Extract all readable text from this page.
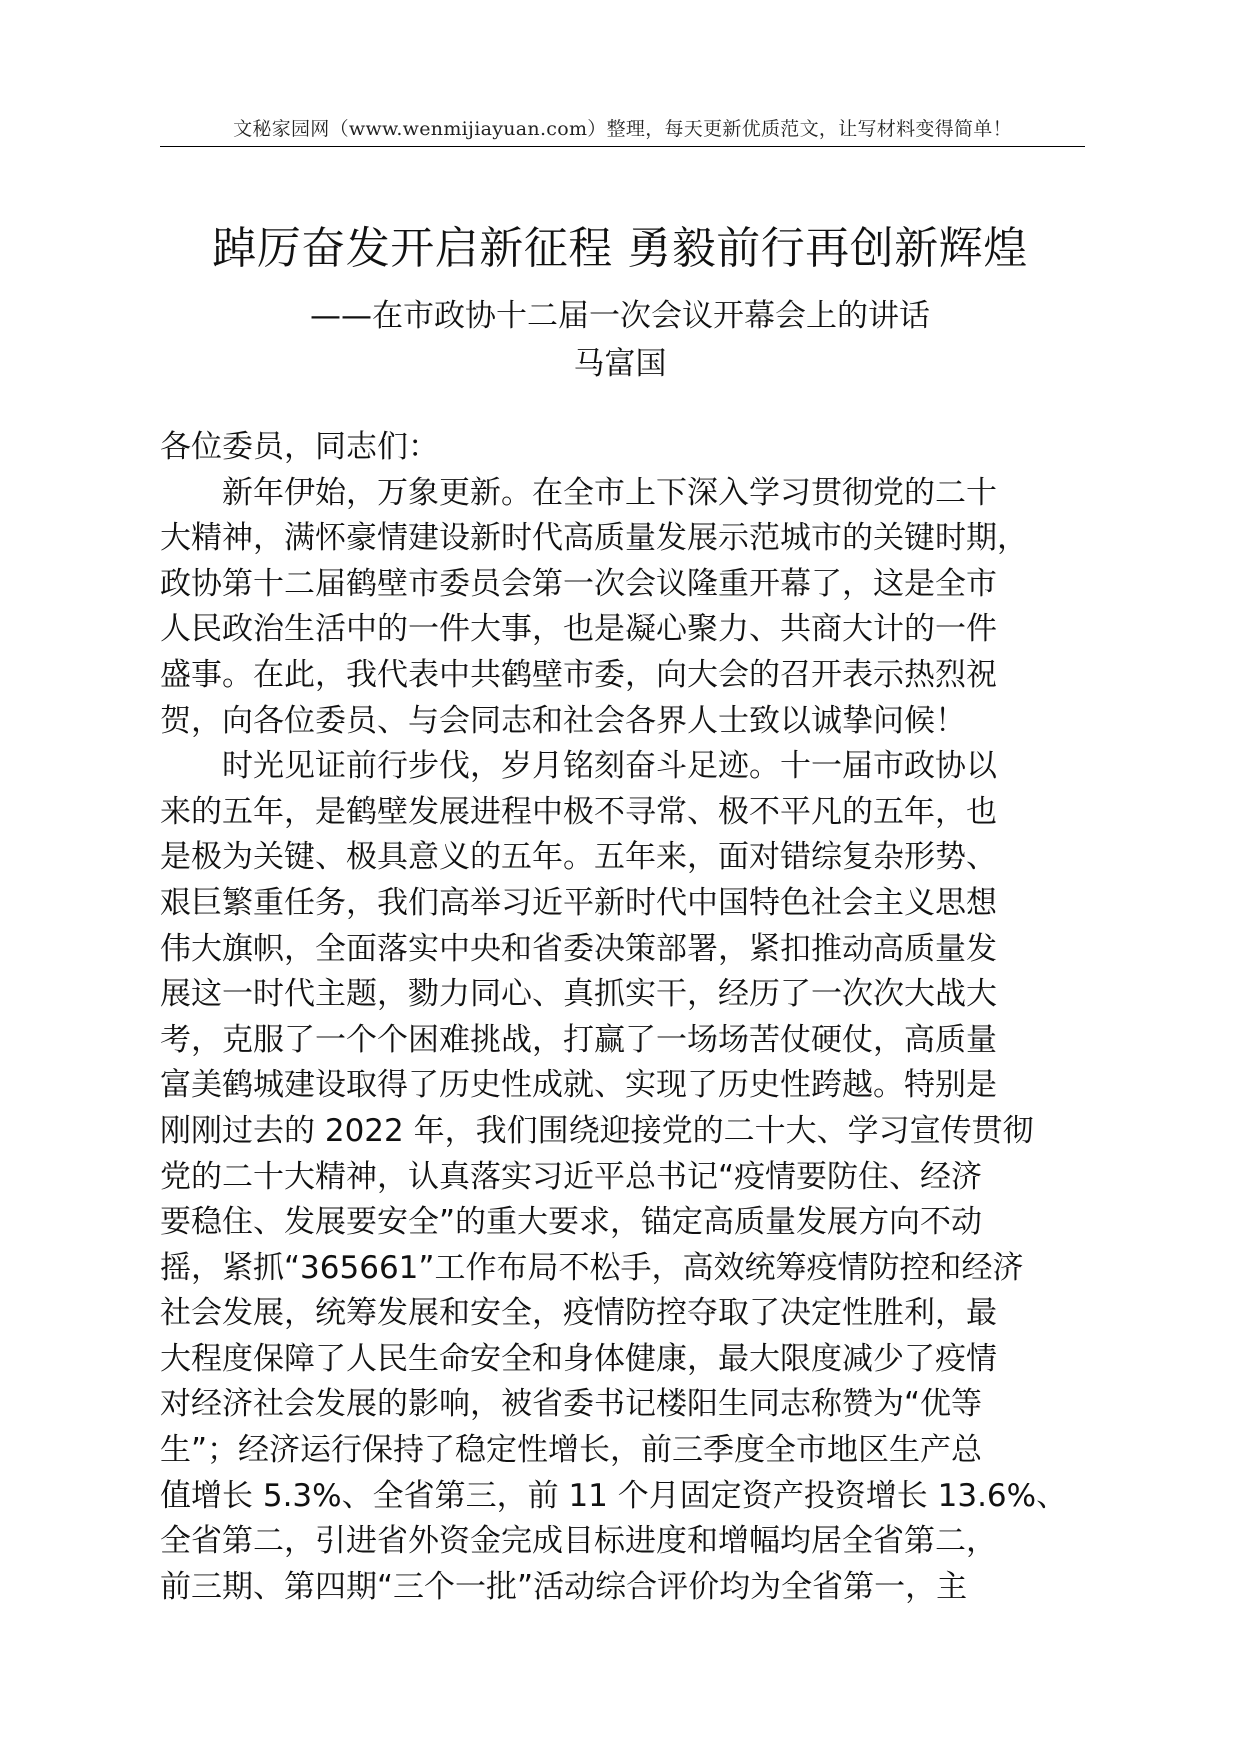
文秘家园网（www.wenmijiayuan.com）整理，每天更新优质范文，让写材料变得简单！
踔厉奋发开启新征程 勇毅前行再创新辉煌
——在市政协十二届一次会议开幕会上的讲话
马富国
各位委员，同志们：
　　新年伊始，万象更新。在全市上下深入学习贯彻党的二十
大精神，满怀豪情建设新时代高质量发展示范城市的关键时期，
政协第十二届鹤壁市委员会第一次会议隆重开幕了，这是全市
人民政治生活中的一件大事，也是凝心聚力、共商大计的一件
盛事。在此，我代表中共鹤壁市委，向大会的召开表示热烈祝
贺，向各位委员、与会同志和社会各界人士致以诚挚问候！
　　时光见证前行步伐，岁月铭刻奋斗足迹。十一届市政协以
来的五年，是鹤壁发展进程中极不寻常、极不平凡的五年，也
是极为关键、极具意义的五年。五年来，面对错综复杂形势、
艰巨繁重任务，我们高举习近平新时代中国特色社会主义思想
伟大旗帜，全面落实中央和省委决策部署，紧扣推动高质量发
展这一时代主题，勠力同心、真抓实干，经历了一次次大战大
考，克服了一个个困难挑战，打赢了一场场苦仗硬仗，高质量
富美鹤城建设取得了历史性成就、实现了历史性跨越。特别是
刚刚过去的 2022 年，我们围绕迎接党的二十大、学习宣传贯彻
党的二十大精神，认真落实习近平总书记“疫情要防住、经济
要稳住、发展要安全”的重大要求，锚定高质量发展方向不动
摇，紧抓“365661”工作布局不松手，高效统筹疫情防控和经济
社会发展，统筹发展和安全，疫情防控夺取了决定性胜利，最
大程度保障了人民生命安全和身体健康，最大限度减少了疫情
对经济社会发展的影响，被省委书记楼阳生同志称赞为“优等
生”；经济运行保持了稳定性增长，前三季度全市地区生产总
值增长 5.3%、全省第三，前 11 个月固定资产投资增长 13.6%、
全省第二，引进省外资金完成目标进度和增幅均居全省第二，
前三期、第四期“三个一批”活动综合评价均为全省第一，主
